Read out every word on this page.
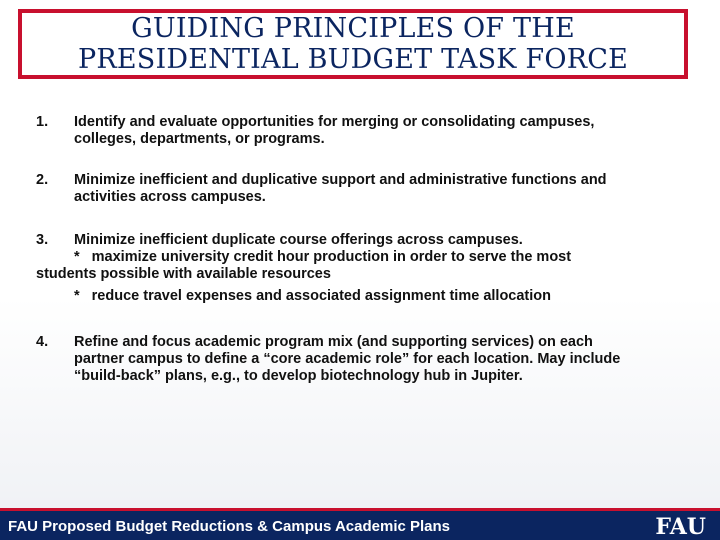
GUIDING PRINCIPLES OF THE
PRESIDENTIAL BUDGET TASK FORCE
1.	Identify and evaluate opportunities for merging or consolidating campuses,
colleges, departments, or programs.
2.	Minimize inefficient and duplicative support and administrative functions and
activities across campuses.
3.	Minimize inefficient duplicate course offerings across campuses.
* maximize university credit hour production in order to serve the most
students possible with available resources
* reduce travel expenses and associated assignment time allocation
4.	Refine and focus academic program mix (and supporting services) on each
partner campus to define a “core academic role” for each location. May include
“build-back” plans, e.g., to develop biotechnology hub in Jupiter.
FAU Proposed Budget Reductions & Campus Academic Plans	FAU
